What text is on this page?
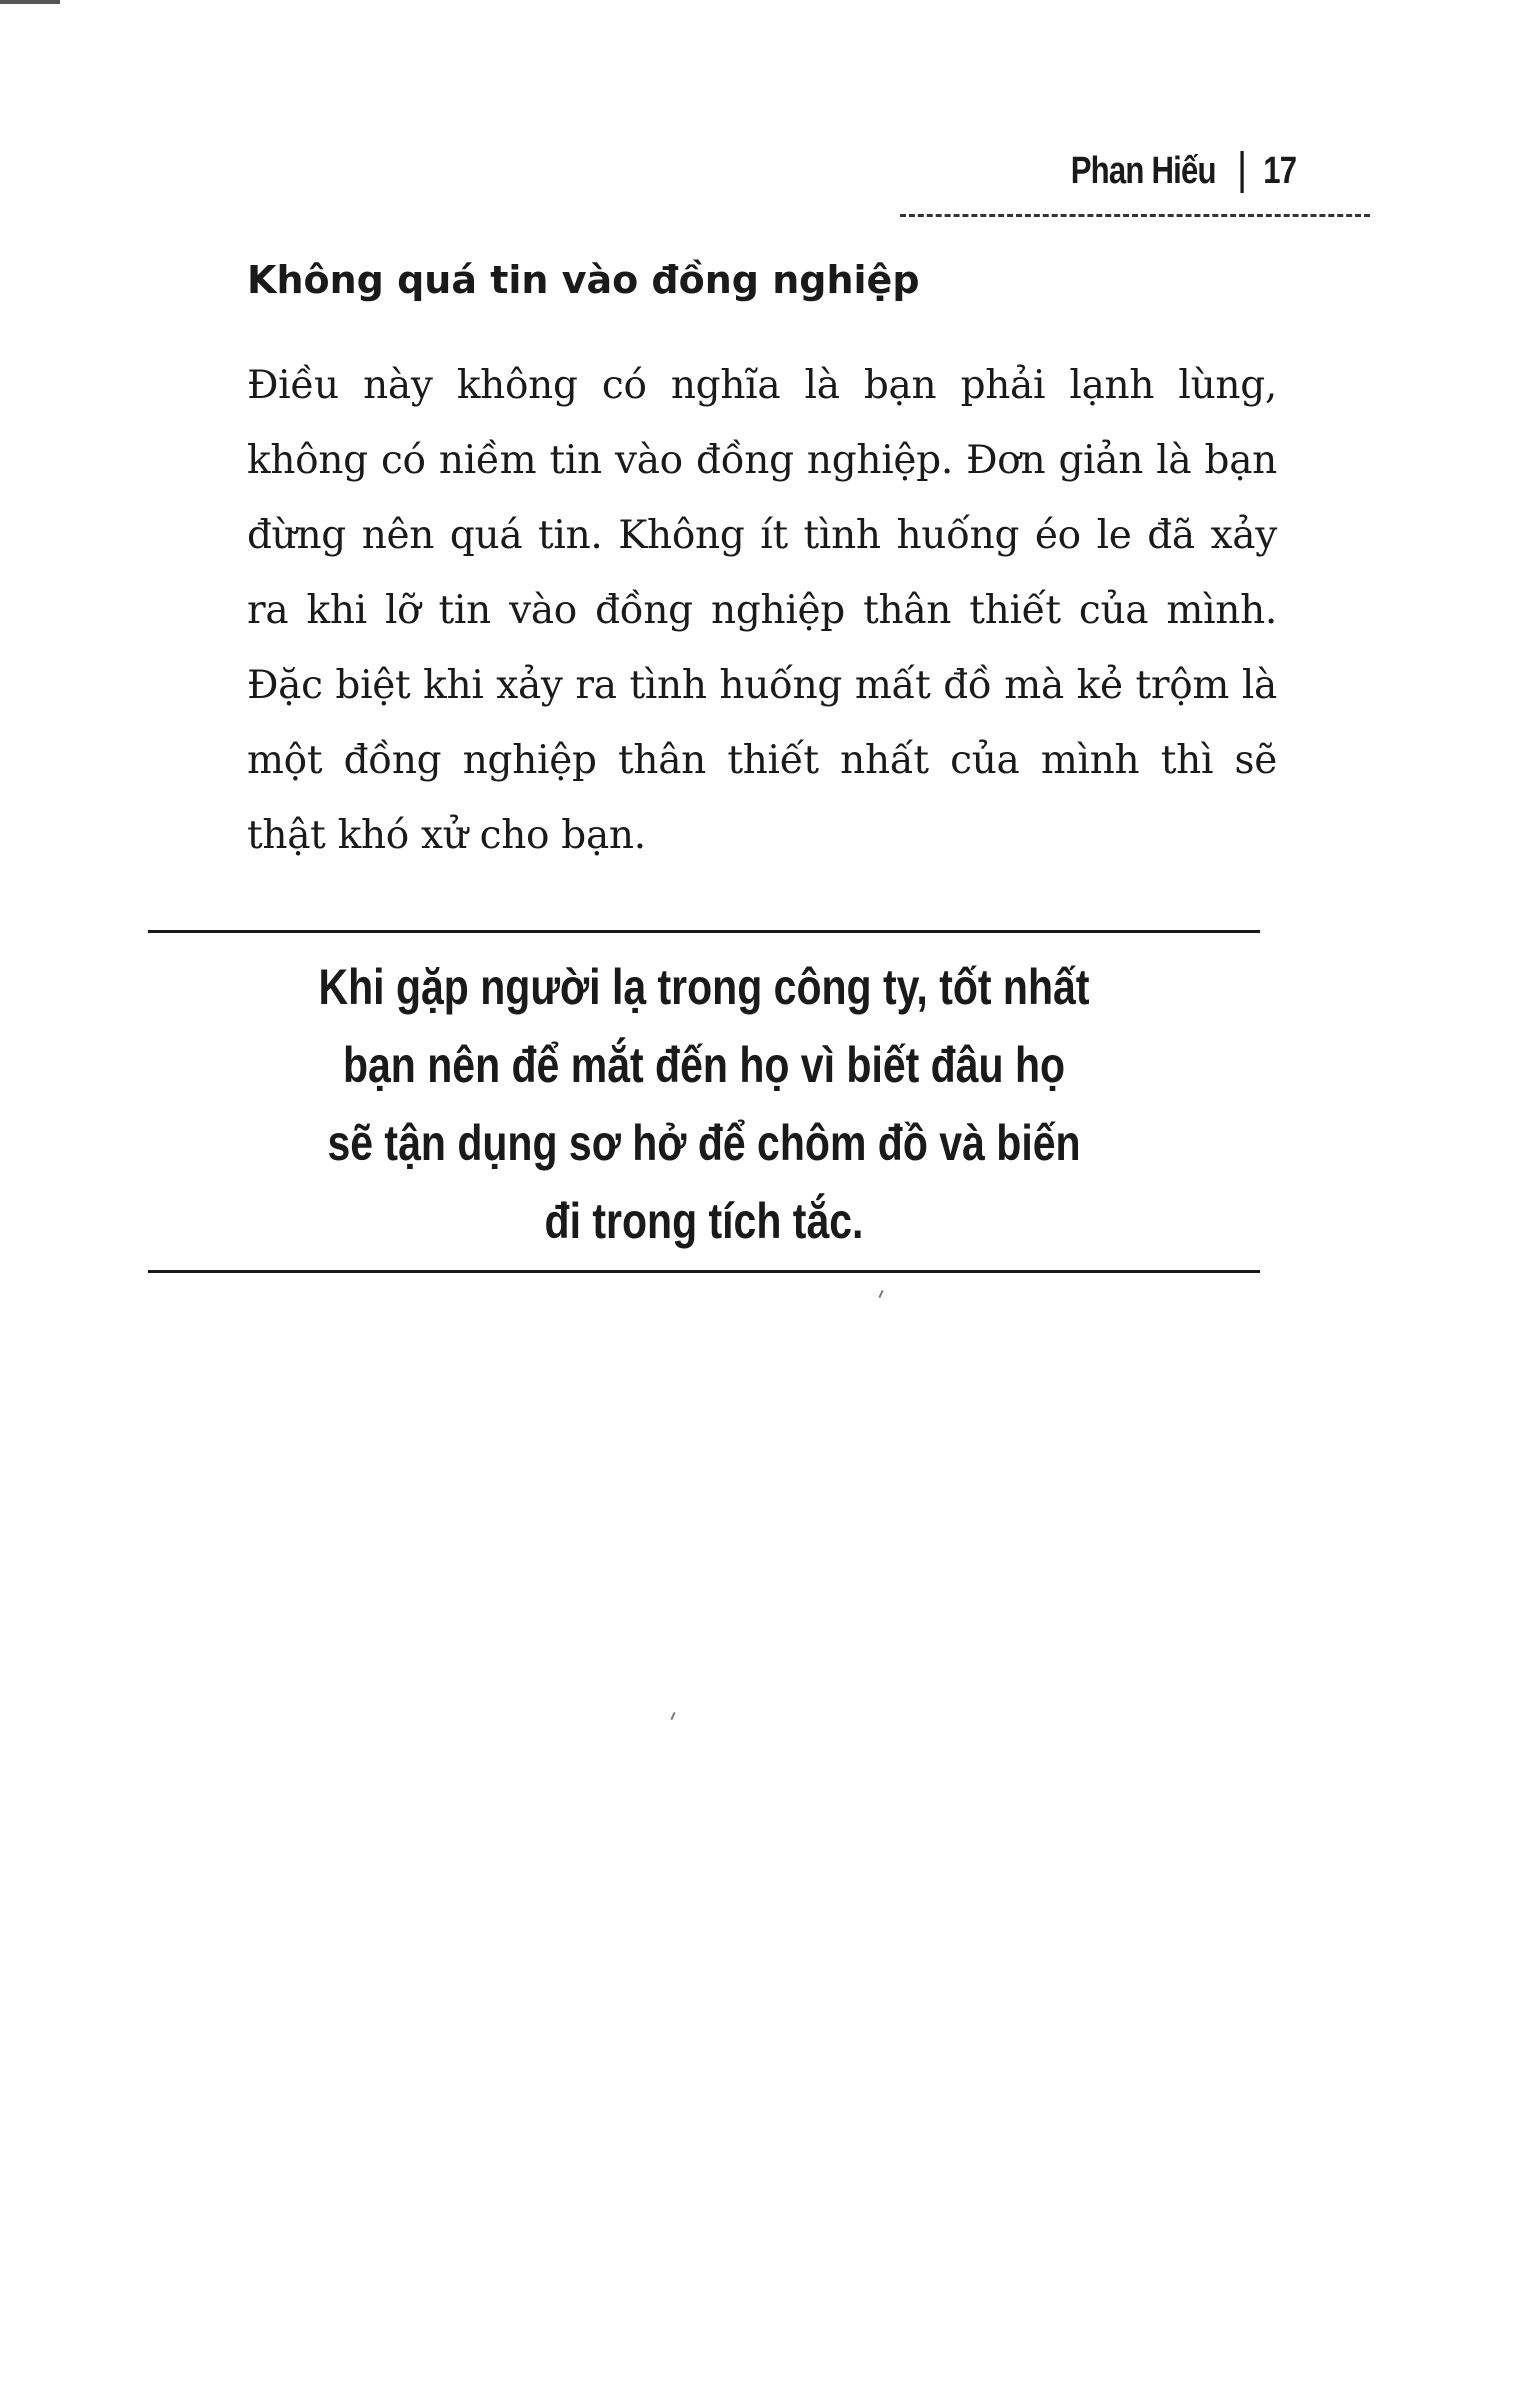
Phan Hiếu 17
Không quá tin vào đồng nghiệp

Điều này không có nghĩa là bạn phải lạnh lùng, không có niềm tin vào đồng nghiệp. Đơn giản là bạn đừng nên quá tin. Không ít tình huống éo le đã xảy ra khi lỡ tin vào đồng nghiệp thân thiết của mình. Đặc biệt khi xảy ra tình huống mất đồ mà kẻ trộm là một đồng nghiệp thân thiết nhất của mình thì sẽ thật khó xử cho bạn.

Khi gặp người lạ trong công ty, tốt nhất
bạn nên để mắt đến họ vì biết đâu họ
sẽ tận dụng sơ hở để chôm đồ và biến
đi trong tích tắc.
